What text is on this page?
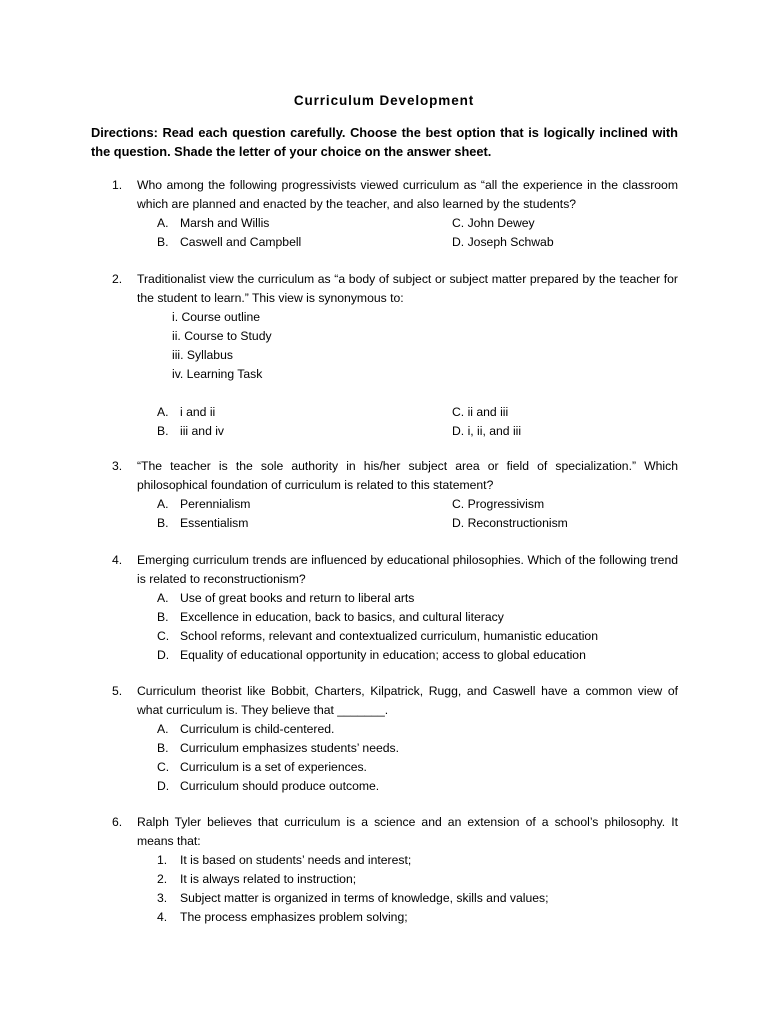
Curriculum Development
Directions: Read each question carefully. Choose the best option that is logically inclined with the question. Shade the letter of your choice on the answer sheet.
1. Who among the following progressivists viewed curriculum as “all the experience in the classroom which are planned and enacted by the teacher, and also learned by the students?
A. Marsh and Willis	C. John Dewey
B. Caswell and Campbell	D. Joseph Schwab
2. Traditionalist view the curriculum as “a body of subject or subject matter prepared by the teacher for the student to learn.” This view is synonymous to:
i. Course outline
ii. Course to Study
iii. Syllabus
iv. Learning Task
A. i and ii	C. ii and iii
B. iii and iv	D. i, ii, and iii
3. “The teacher is the sole authority in his/her subject area or field of specialization.” Which philosophical foundation of curriculum is related to this statement?
A. Perennialism	C. Progressivism
B. Essentialism	D. Reconstructionism
4. Emerging curriculum trends are influenced by educational philosophies. Which of the following trend is related to reconstructionism?
A. Use of great books and return to liberal arts
B. Excellence in education, back to basics, and cultural literacy
C. School reforms, relevant and contextualized curriculum, humanistic education
D. Equality of educational opportunity in education; access to global education
5. Curriculum theorist like Bobbit, Charters, Kilpatrick, Rugg, and Caswell have a common view of what curriculum is. They believe that _______.
A. Curriculum is child-centered.
B. Curriculum emphasizes students’ needs.
C. Curriculum is a set of experiences.
D. Curriculum should produce outcome.
6. Ralph Tyler believes that curriculum is a science and an extension of a school’s philosophy. It means that:
1.	It is based on students’ needs and interest;
2.	It is always related to instruction;
3.	Subject matter is organized in terms of knowledge, skills and values;
4.	The process emphasizes problem solving;
